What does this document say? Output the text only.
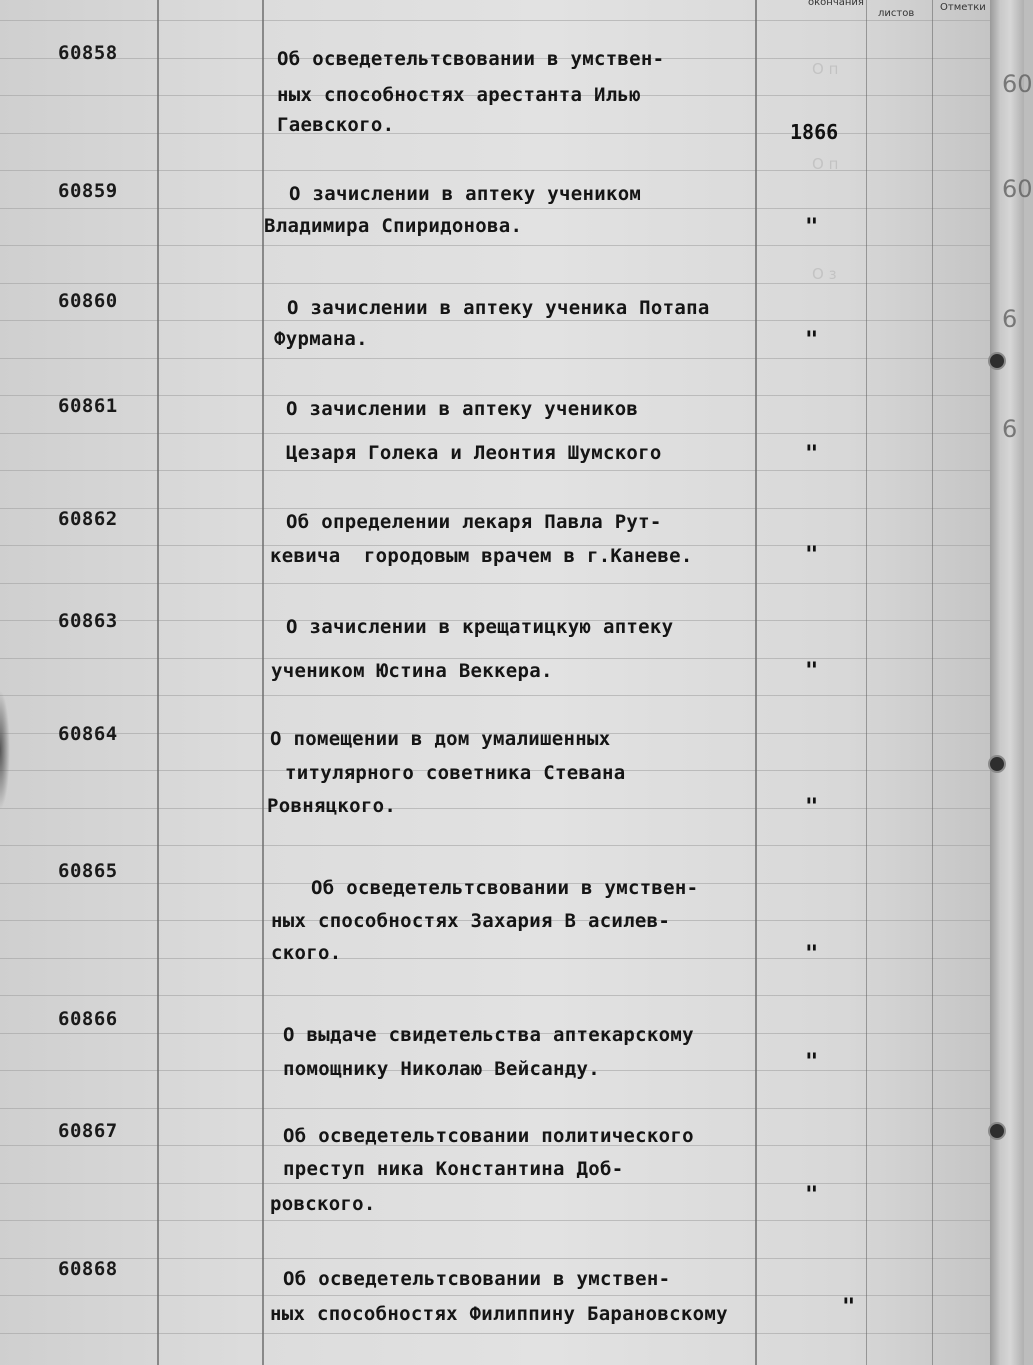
окончания
листов
Отметки
Ο п
О п
О з
60858	Об осведетельтсвовании в умствен-
ных способностях арестанта Илью
Гаевского.	1866
60859	О зачислении в аптеку учеником
Владимира Спиридонова.	"
60860	О зачислении в аптеку ученика Потапа
Фурмана.	"
60861	О зачислении в аптеку учеников
Цезаря Голека и Леонтия Шумского	"
60862	Об определении лекаря Павла Рут-
кевича  городовым врачем в г.Каневе.	"
60863	О зачислении в крещатицкую аптеку
учеником Юстина Веккера.	"
60864	О помещении в дом умалишенных
титулярного советника Стевана
Ровняцкого.	"
60865
Об осведетельтсвовании в умствен-
ных способностях Захария В асилев-
ского.	"
60866
О выдаче свидетельства аптекарскому
помощнику Николаю Вейсанду.	"
60867	Об осведетельтсовании политического
преступ ника Константина Доб-
ровского.	"
60868	Об осведетельтсвовании в умствен-
ных способностях Филиппину Барановскому	"
60
60
6
6
